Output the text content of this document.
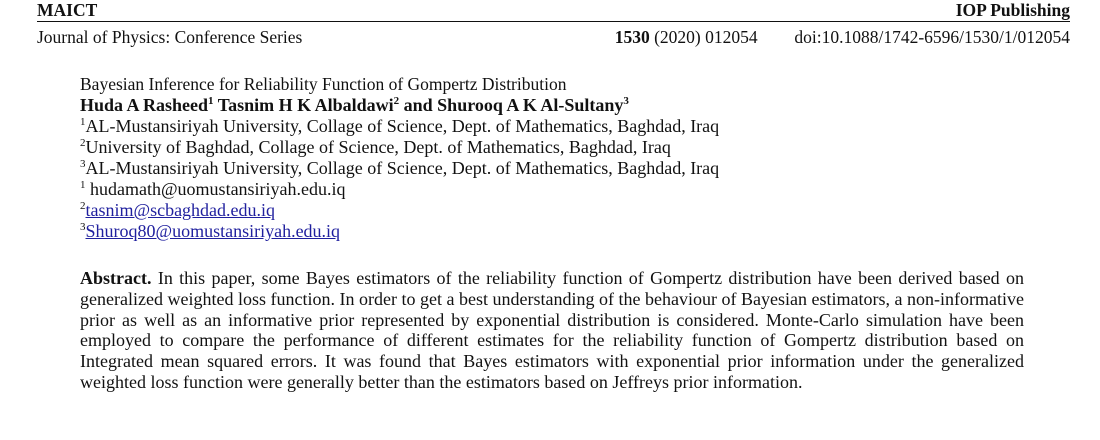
MAICT	IOP Publishing
Journal of Physics: Conference Series	1530 (2020) 012054 doi:10.1088/1742-6596/1530/1/012054
Bayesian Inference for Reliability Function of Gompertz Distribution
Huda A Rasheed$^1$ Tasnim H K Albaldawi$^2$ and Shurooq A K Al-Sultany$^3$
$^1$AL-Mustansiriyah University, Collage of Science, Dept. of Mathematics, Baghdad, Iraq
$^2$University of Baghdad, Collage of Science, Dept. of Mathematics, Baghdad, Iraq
$^3$AL-Mustansiriyah University, Collage of Science, Dept. of Mathematics, Baghdad, Iraq
$^1$ hudamath@uomustansiriyah.edu.iq
$^2$tasnim@scbaghdad.edu.iq
$^3$Shuroq80@uomustansiriyah.edu.iq
Abstract. In this paper, some Bayes estimators of the reliability function of Gompertz distribution have been derived based on generalized weighted loss function. In order to get a best understanding of the behaviour of Bayesian estimators, a non-informative prior as well as an informative prior represented by exponential distribution is considered. Monte-Carlo simulation have been employed to compare the performance of different estimates for the reliability function of Gompertz distribution based on Integrated mean squared errors. It was found that Bayes estimators with exponential prior information under the generalized weighted loss function were generally better than the estimators based on Jeffreys prior information.
